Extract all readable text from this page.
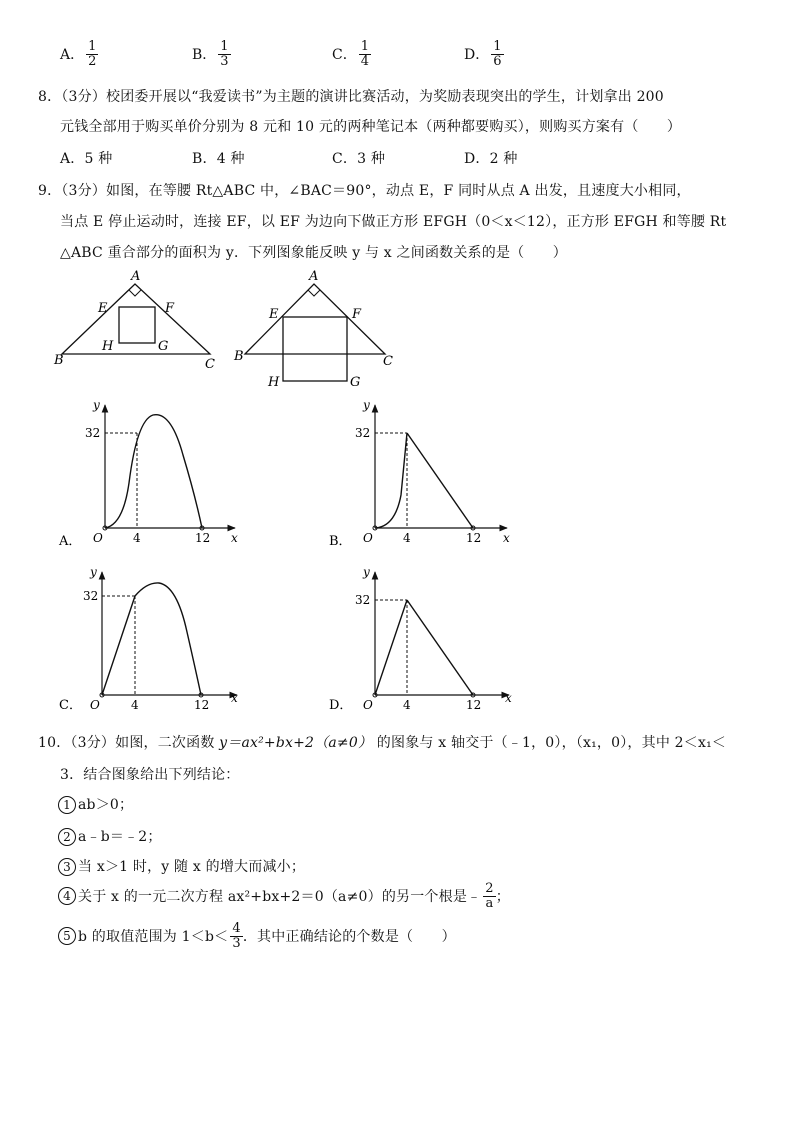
A． $\frac{1}{2}$	B． $\frac{1}{3}$	C． $\frac{1}{4}$	D． $\frac{1}{6}$
8．（3分）校团委开展以“我爱读书”为主题的演讲比赛活动，为奖励表现突出的学生，计划拿出 200
元钱全部用于购买单价分别为 8 元和 10 元的两种笔记本（两种都要购买），则购买方案有（　　）
A．5 种	B．4 种	C．3 种	D．2 种
9．（3分）如图，在等腰 Rt△ABC 中，∠BAC＝90°，动点 E，F 同时从点 A 出发，且速度大小相同，
当点 E 停止运动时，连接 EF，以 EF 为边向下做正方形 EFGH（0＜x＜12），正方形 EFGH 和等腰 Rt
△ABC 重合部分的面积为 y．下列图象能反映 y 与 x 之间函数关系的是（　　）
A
E	F
H	G
B	C
A
E	F
B	C
H	G
y
32
O	4	12 x
A．
y
32
O	4	12 x
B．
y
32
O	4	12 x
C．
y
32
O	4	12 x
D．
10．（3分）如图，二次函数 y＝ax²+bx+2（a≠0） 的图象与 x 轴交于（﹣1，0），（x₁，0），其中 2＜x₁＜
3．结合图象给出下列结论：
1 ab＞0；
2 a﹣b＝﹣2；
3 当 x＞1 时，y 随 x 的增大而减小；
4 关于 x 的一元二次方程 ax²+bx+2＝0（a≠0）的另一个根是﹣ $\frac{2}{a}$ ；
5 b 的取值范围为 $1<b< \frac{4}{3}$ ．其中正确结论的个数是（　　）
